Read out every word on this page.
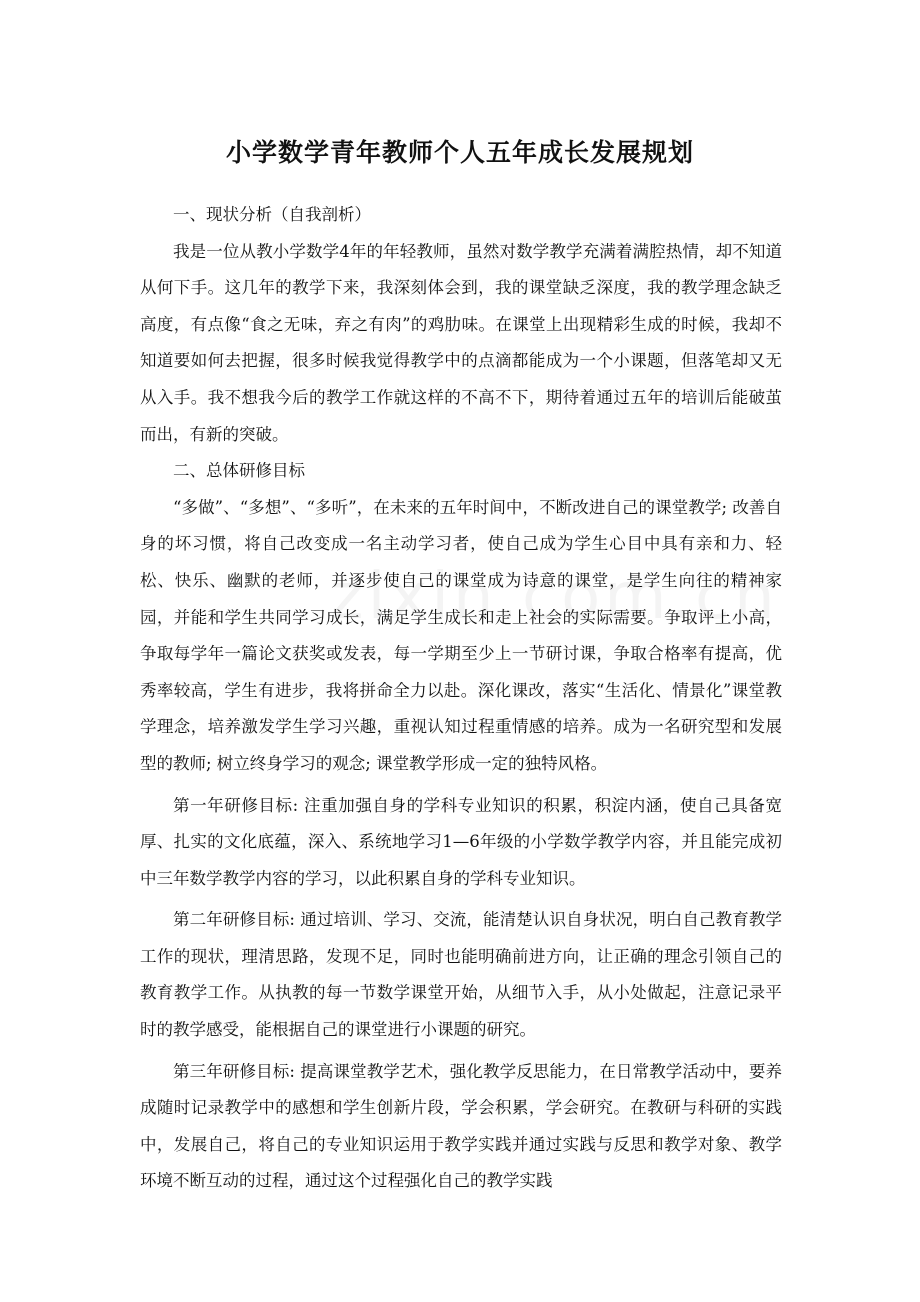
小学数学青年教师个人五年成长发展规划

一、现状分析（自我剖析）

我是一位从教小学数学4年的年轻教师，虽然对数学教学充满着满腔热情，却不知道从何下手。这几年的教学下来，我深刻体会到，我的课堂缺乏深度，我的教学理念缺乏高度，有点像“食之无味，弃之有肉”的鸡肋味。在课堂上出现精彩生成的时候，我却不知道要如何去把握，很多时候我觉得教学中的点滴都能成为一个小课题，但落笔却又无从入手。我不想我今后的教学工作就这样的不高不下，期待着通过五年的培训后能破茧而出，有新的突破。

二、总体研修目标

“多做”、“多想”、“多听”，在未来的五年时间中，不断改进自己的课堂教学; 改善自身的坏习惯，将自己改变成一名主动学习者，使自己成为学生心目中具有亲和力、轻松、快乐、幽默的老师，并逐步使自己的课堂成为诗意的课堂，是学生向往的精神家园，并能和学生共同学习成长，满足学生成长和走上社会的实际需要。争取评上小高，争取每学年一篇论文获奖或发表，每一学期至少上一节研讨课，争取合格率有提高，优秀率较高，学生有进步，我将拼命全力以赴。深化课改，落实“生活化、情景化”课堂教学理念，培养激发学生学习兴趣，重视认知过程重情感的培养。成为一名研究型和发展型的教师; 树立终身学习的观念; 课堂教学形成一定的独特风格。

第一年研修目标: 注重加强自身的学科专业知识的积累，积淀内涵，使自己具备宽厚、扎实的文化底蕴，深入、系统地学习1—6年级的小学数学教学内容，并且能完成初中三年数学教学内容的学习，以此积累自身的学科专业知识。

第二年研修目标: 通过培训、学习、交流，能清楚认识自身状况，明白自己教育教学工作的现状，理清思路，发现不足，同时也能明确前进方向，让正确的理念引领自己的教育教学工作。从执教的每一节数学课堂开始，从细节入手，从小处做起，注意记录平时的教学感受，能根据自己的课堂进行小课题的研究。

第三年研修目标: 提高课堂教学艺术，强化教学反思能力，在日常教学活动中，要养成随时记录教学中的感想和学生创新片段，学会积累，学会研究。在教研与科研的实践中，发展自己，将自己的专业知识运用于教学实践并通过实践与反思和教学对象、教学环境不断互动的过程，通过这个过程强化自己的教学实践
